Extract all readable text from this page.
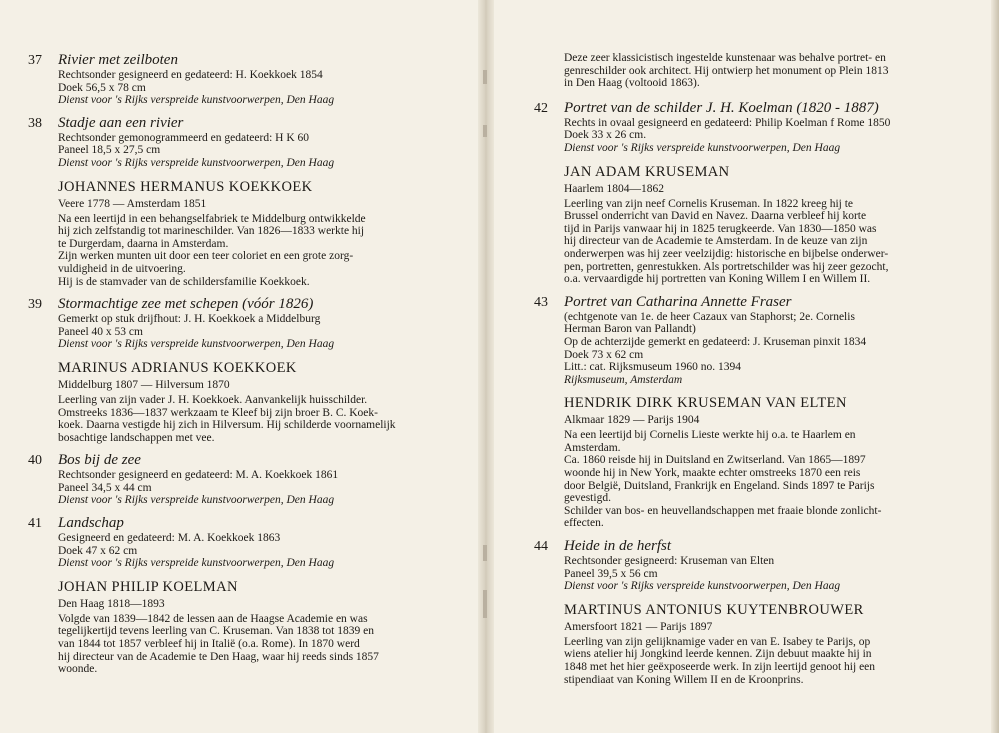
37 Rivier met zeilboten
Rechtsonder gesigneerd en gedateerd: H. Koekkoek 1854
Doek 56,5 x 78 cm
Dienst voor 's Rijks verspreide kunstvoorwerpen, Den Haag
38 Stadje aan een rivier
Rechtsonder gemonogrammeerd en gedateerd: H K 60
Paneel 18,5 x 27,5 cm
Dienst voor 's Rijks verspreide kunstvoorwerpen, Den Haag
JOHANNES HERMANUS KOEKKOEK
Veere 1778 — Amsterdam 1851
Na een leertijd in een behangselfabriek te Middelburg ontwikkelde
hij zich zelfstandig tot marineschilder. Van 1826—1833 werkte hij
te Durgerdam, daarna in Amsterdam.
Zijn werken munten uit door een teer coloriet en een grote zorg-
vuldigheid in de uitvoering.
Hij is de stamvader van de schildersfamilie Koekkoek.
39 Stormachtige zee met schepen (vóór 1826)
Gemerkt op stuk drijfhout: J. H. Koekkoek a Middelburg
Paneel 40 x 53 cm
Dienst voor 's Rijks verspreide kunstvoorwerpen, Den Haag
MARINUS ADRIANUS KOEKKOEK
Middelburg 1807 — Hilversum 1870
Leerling van zijn vader J. H. Koekkoek. Aanvankelijk huisschilder.
Omstreeks 1836—1837 werkzaam te Kleef bij zijn broer B. C. Koek-
koek. Daarna vestigde hij zich in Hilversum. Hij schilderde voornamelijk
bosachtige landschappen met vee.
40 Bos bij de zee
Rechtsonder gesigneerd en gedateerd: M. A. Koekkoek 1861
Paneel 34,5 x 44 cm
Dienst voor 's Rijks verspreide kunstvoorwerpen, Den Haag
41 Landschap
Gesigneerd en gedateerd: M. A. Koekkoek 1863
Doek 47 x 62 cm
Dienst voor 's Rijks verspreide kunstvoorwerpen, Den Haag
JOHAN PHILIP KOELMAN
Den Haag 1818—1893
Volgde van 1839—1842 de lessen aan de Haagse Academie en was
tegelijkertijd tevens leerling van C. Kruseman. Van 1838 tot 1839 en
van 1844 tot 1857 verbleef hij in Italië (o.a. Rome). In 1870 werd
hij directeur van de Academie te Den Haag, waar hij reeds sinds 1857
woonde.
Deze zeer klassicistisch ingestelde kunstenaar was behalve portret- en
genreschilder ook architect. Hij ontwierp het monument op Plein 1813
in Den Haag (voltooid 1863).
42 Portret van de schilder J. H. Koelman (1820 - 1887)
Rechts in ovaal gesigneerd en gedateerd: Philip Koelman f Rome 1850
Doek 33 x 26 cm.
Dienst voor 's Rijks verspreide kunstvoorwerpen, Den Haag
JAN ADAM KRUSEMAN
Haarlem 1804—1862
Leerling van zijn neef Cornelis Kruseman. In 1822 kreeg hij te
Brussel onderricht van David en Navez. Daarna verbleef hij korte
tijd in Parijs vanwaar hij in 1825 terugkeerde. Van 1830—1850 was
hij directeur van de Academie te Amsterdam. In de keuze van zijn
onderwerpen was hij zeer veelzijdig: historische en bijbelse onderwer-
pen, portretten, genrestukken. Als portretschilder was hij zeer gezocht,
o.a. vervaardigde hij portretten van Koning Willem I en Willem II.
43 Portret van Catharina Annette Fraser
(echtgenote van 1e. de heer Cazaux van Staphorst; 2e. Cornelis
Herman Baron van Pallandt)
Op de achterzijde gemerkt en gedateerd: J. Kruseman pinxit 1834
Doek 73 x 62 cm
Litt.: cat. Rijksmuseum 1960 no. 1394
Rijksmuseum, Amsterdam
HENDRIK DIRK KRUSEMAN VAN ELTEN
Alkmaar 1829 — Parijs 1904
Na een leertijd bij Cornelis Lieste werkte hij o.a. te Haarlem en
Amsterdam.
Ca. 1860 reisde hij in Duitsland en Zwitserland. Van 1865—1897
woonde hij in New York, maakte echter omstreeks 1870 een reis
door België, Duitsland, Frankrijk en Engeland. Sinds 1897 te Parijs
gevestigd.
Schilder van bos- en heuvellandschappen met fraaie blonde zonlicht-
effecten.
44 Heide in de herfst
Rechtsonder gesigneerd: Kruseman van Elten
Paneel 39,5 x 56 cm
Dienst voor 's Rijks verspreide kunstvoorwerpen, Den Haag
MARTINUS ANTONIUS KUYTENBROUWER
Amersfoort 1821 — Parijs 1897
Leerling van zijn gelijknamige vader en van E. Isabey te Parijs, op
wiens atelier hij Jongkind leerde kennen. Zijn debuut maakte hij in
1848 met het hier geëxposeerde werk. In zijn leertijd genoot hij een
stipendiaat van Koning Willem II en de Kroonprins.
